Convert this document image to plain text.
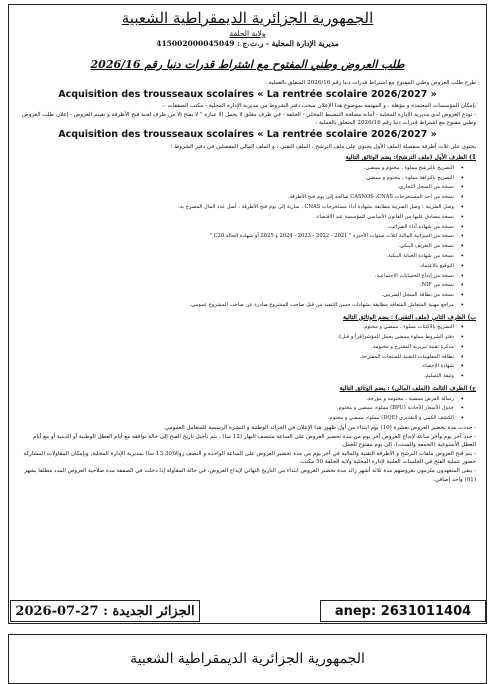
الجمهورية الجزائرية الديمقراطية الشعبية
ولاية الجلفة
مديرية الإدارة المحلية - ر.ت.ج : 415002000045049
طلب العروض وطني المفتوح مع اشتراط قدرات دنيا رقم 2026/16

طرح طلب العروض وطني المفتوح مع اشتراط قدرات دنيا رقم 2026/16 المتعلق بالعملية :

Acquisition des trousseaux scolaires « La rentrée scolaire 2026/2027 »

بإمكان المؤسسات المعتمدة و مؤهلة ، و المهتمة بموضوع هذا الإعلان سحب دفتر الشروط من مديرية الإدارة المحلية - مكتب الصفقات -.

- تودع العروض لدى مديرية الإدارة المحلية - أمانة مصلحة التنشيط المحلي - الجلفة - في ظرف مغلق لا يحمل إلا عبارة " لا يفتح إلا من طرف لجنة فتح الأظرفة و تقييم العروض - إعلان طلب العروض وطني مفتوح مع اشتراط قدرات دنيا رقم 2026/16 المتعلق بالعملية :

Acquisition des trousseaux scolaires « La rentrée scolaire 2026/2027 »

يحتوي على ثلاث أظرفة منفصلة الملف الأول يحتوي على ملف الترشح ، الملف التقني ، و الملف المالي المفصلين في دفتر الشروط :

1) الظرف الأول (ملف الترشح): يضم الوثائق التالية
• التصريح بالترشح مملوء ، مختوم و ممضي.
• التصريح بالنزاهة مملوء ، مختوم و ممضي.
• نسخة من السجل التجاري.
• نسخة من أحد المستخرجات CASNOS ،CNAS صالحة إلى يوم فتح الأظرفة.
• وصل الضريبة : وصل الضريبة مطابقة بشهادة أداء مستخرجات CNAS ، سارية إلى يوم فتح الأظرفة ، أصل عدد المال المصرح به.
• نسخة مصادق عليها من القانون الأساسي للمؤسسة عند الاقتضاء.
• نسخة من شهادة أداء الضرائب.
• نسخة من الميزانية المالية لثلاث سنوات الأخيرة " 2021 - 2022 - 2023 - 2024 و 2025 أو شهادة الحالة C20 "
• نسخة من التعريف البنكي.
• نسخة من شهادة الجباية البنكية.
• التوقيع بالاعتماد.
• نسخة من إيداع الحسابات الاجتماعية.
• نسخة من NIF.
• نسخة من بطاقة السجل الضريبي.
• مراجع مهنية المتعامل المتعاقد مطابقة بشهادات حسن التنفيذ من قبل صاحب المشروع صادرة عن صاحب المشروع عمومي.
ب) الظرف الثاني (ملف التقني) : يضم الوثائق التالية
• التصريح بالاكتتاب مملوء ، ممضي و مختوم.
• دفتر الشروط مملوء ممضي يحمل المؤشر(قرأ و قبل).
• مذكرة تقنية تبريرية المقترح و مختومة.
• بطاقة المعلومات التقنية للمنتجات المقترحة.
• شهادة الإحصاء.
• وثيقة التسليم.
ج) الظرف الثالث (الملف المالي) : يضم الوثائق التالية
• رسالة العرض ممضية ، مختومة و مؤرخة.
• جدول الأسعار الأحادية (BPU) مملوء، ممضي و مختوم.
• الكشف الكمي و التقديري (DQE) مملوء، ممضي و مختوم.

- حددت مدة تحضير العروض بعشرة (10) يوم ابتداء من أول ظهور هذا الإعلان في الجرائد الوطنية و النشرة الرسمية للمتعامل العمومي.

- حدد أخر يوم وأخر ساعة لإيداع العروض آخر يوم من مدة تحضير العروض على الساعة منتصف النهار (12 سا) ، يتم تأجيل تاريخ الفتح إلى حالة توافقه مع أيام العطل الوطنية أو الدينية أو مع أيام العطل الأسبوعية (الجمعة والسبت)، إلى يوم مفتوح للعمل.

- يتم فتح العروض ملفات الترشح و الأظرفة التقنية والمالية في آخر يوم من مدة تحضير العروض على الساعة الواحدة و النصف زوالا(13.30 سا) بمديرية الإدارة المحلية، وبإمكان المقاولات المشاركة حضور عملية الفتح في الجلسات العلنية لإدارة المحلية ولاية الجلفة 50 مكتب.

- يبقى المتعهدون ملزمون بعروضهم مدة ثلاثة أشهر زائد مدة تحضير العروض ابتداء من التاريخ النهائي لإيداع العروض، في حالة المقاولة إذا دخلت في الصفقة مدة صلاحية العروض المدد مطلقا بشهر (01) واحد إضافي.

الجزائر الجديدة : 27-07-2026	anep: 2631011404
الجمهورية الجزائرية الديمقراطية الشعبية
